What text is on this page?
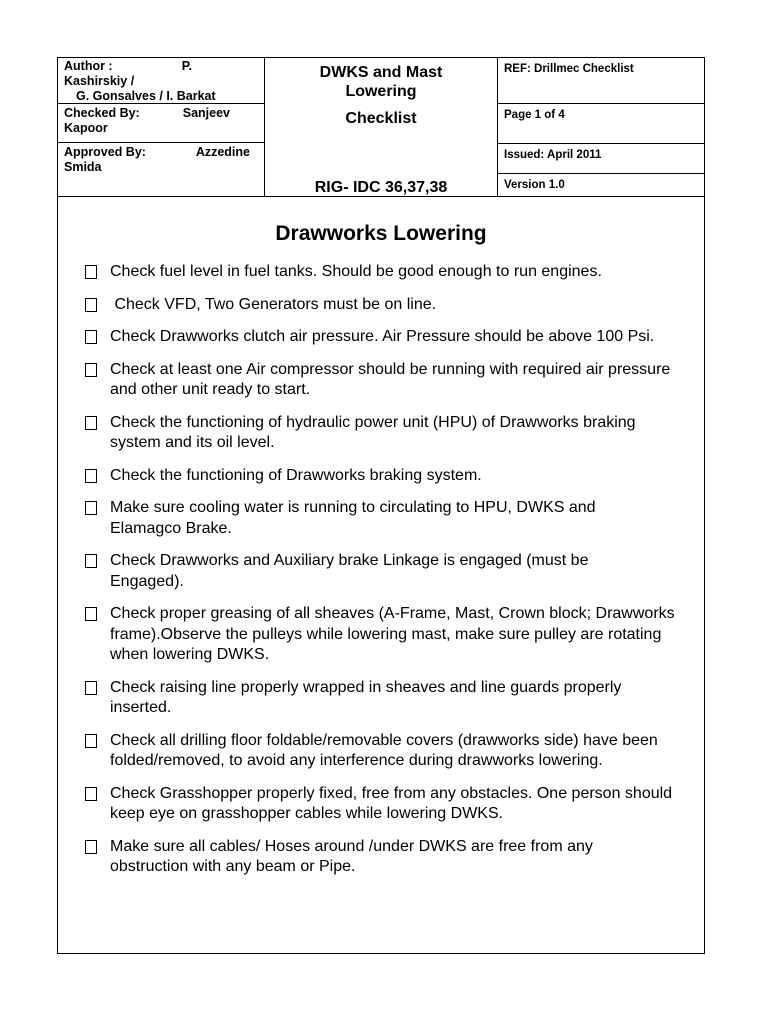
Author :	P.
Kashirskiy /
G. Gonsalves / I. Barkat
Checked By:	Sanjeev
Kapoor
Approved By:	Azzedine
Smida
DWKS and Mast
Lowering
Checklist
RIG- IDC 36,37,38
REF: Drillmec Checklist
Page 1 of 4
Issued: April 2011
Version 1.0
Drawworks Lowering
Check fuel level in fuel tanks. Should be good enough to run engines.
Check VFD, Two Generators must be on line.
Check Drawworks clutch air pressure. Air Pressure should be above 100 Psi.
Check at least one Air compressor should be running with required air pressure and other unit ready to start.
Check the functioning of hydraulic power unit (HPU) of Drawworks braking system and its oil level.
Check the functioning of Drawworks braking system.
Make sure cooling water is running to circulating to HPU, DWKS and Elamagco Brake.
Check Drawworks and Auxiliary brake Linkage is engaged (must be Engaged).
Check proper greasing of all sheaves (A-Frame, Mast, Crown block; Drawworks frame).Observe the pulleys while lowering mast, make sure pulley are rotating when lowering DWKS.
Check raising line properly wrapped in sheaves and line guards properly inserted.
Check all drilling floor foldable/removable covers (drawworks side) have been folded/removed, to avoid any interference during drawworks lowering.
Check Grasshopper properly fixed, free from any obstacles. One person should keep eye on grasshopper cables while lowering DWKS.
Make sure all cables/ Hoses around /under DWKS are free from any obstruction with any beam or Pipe.
